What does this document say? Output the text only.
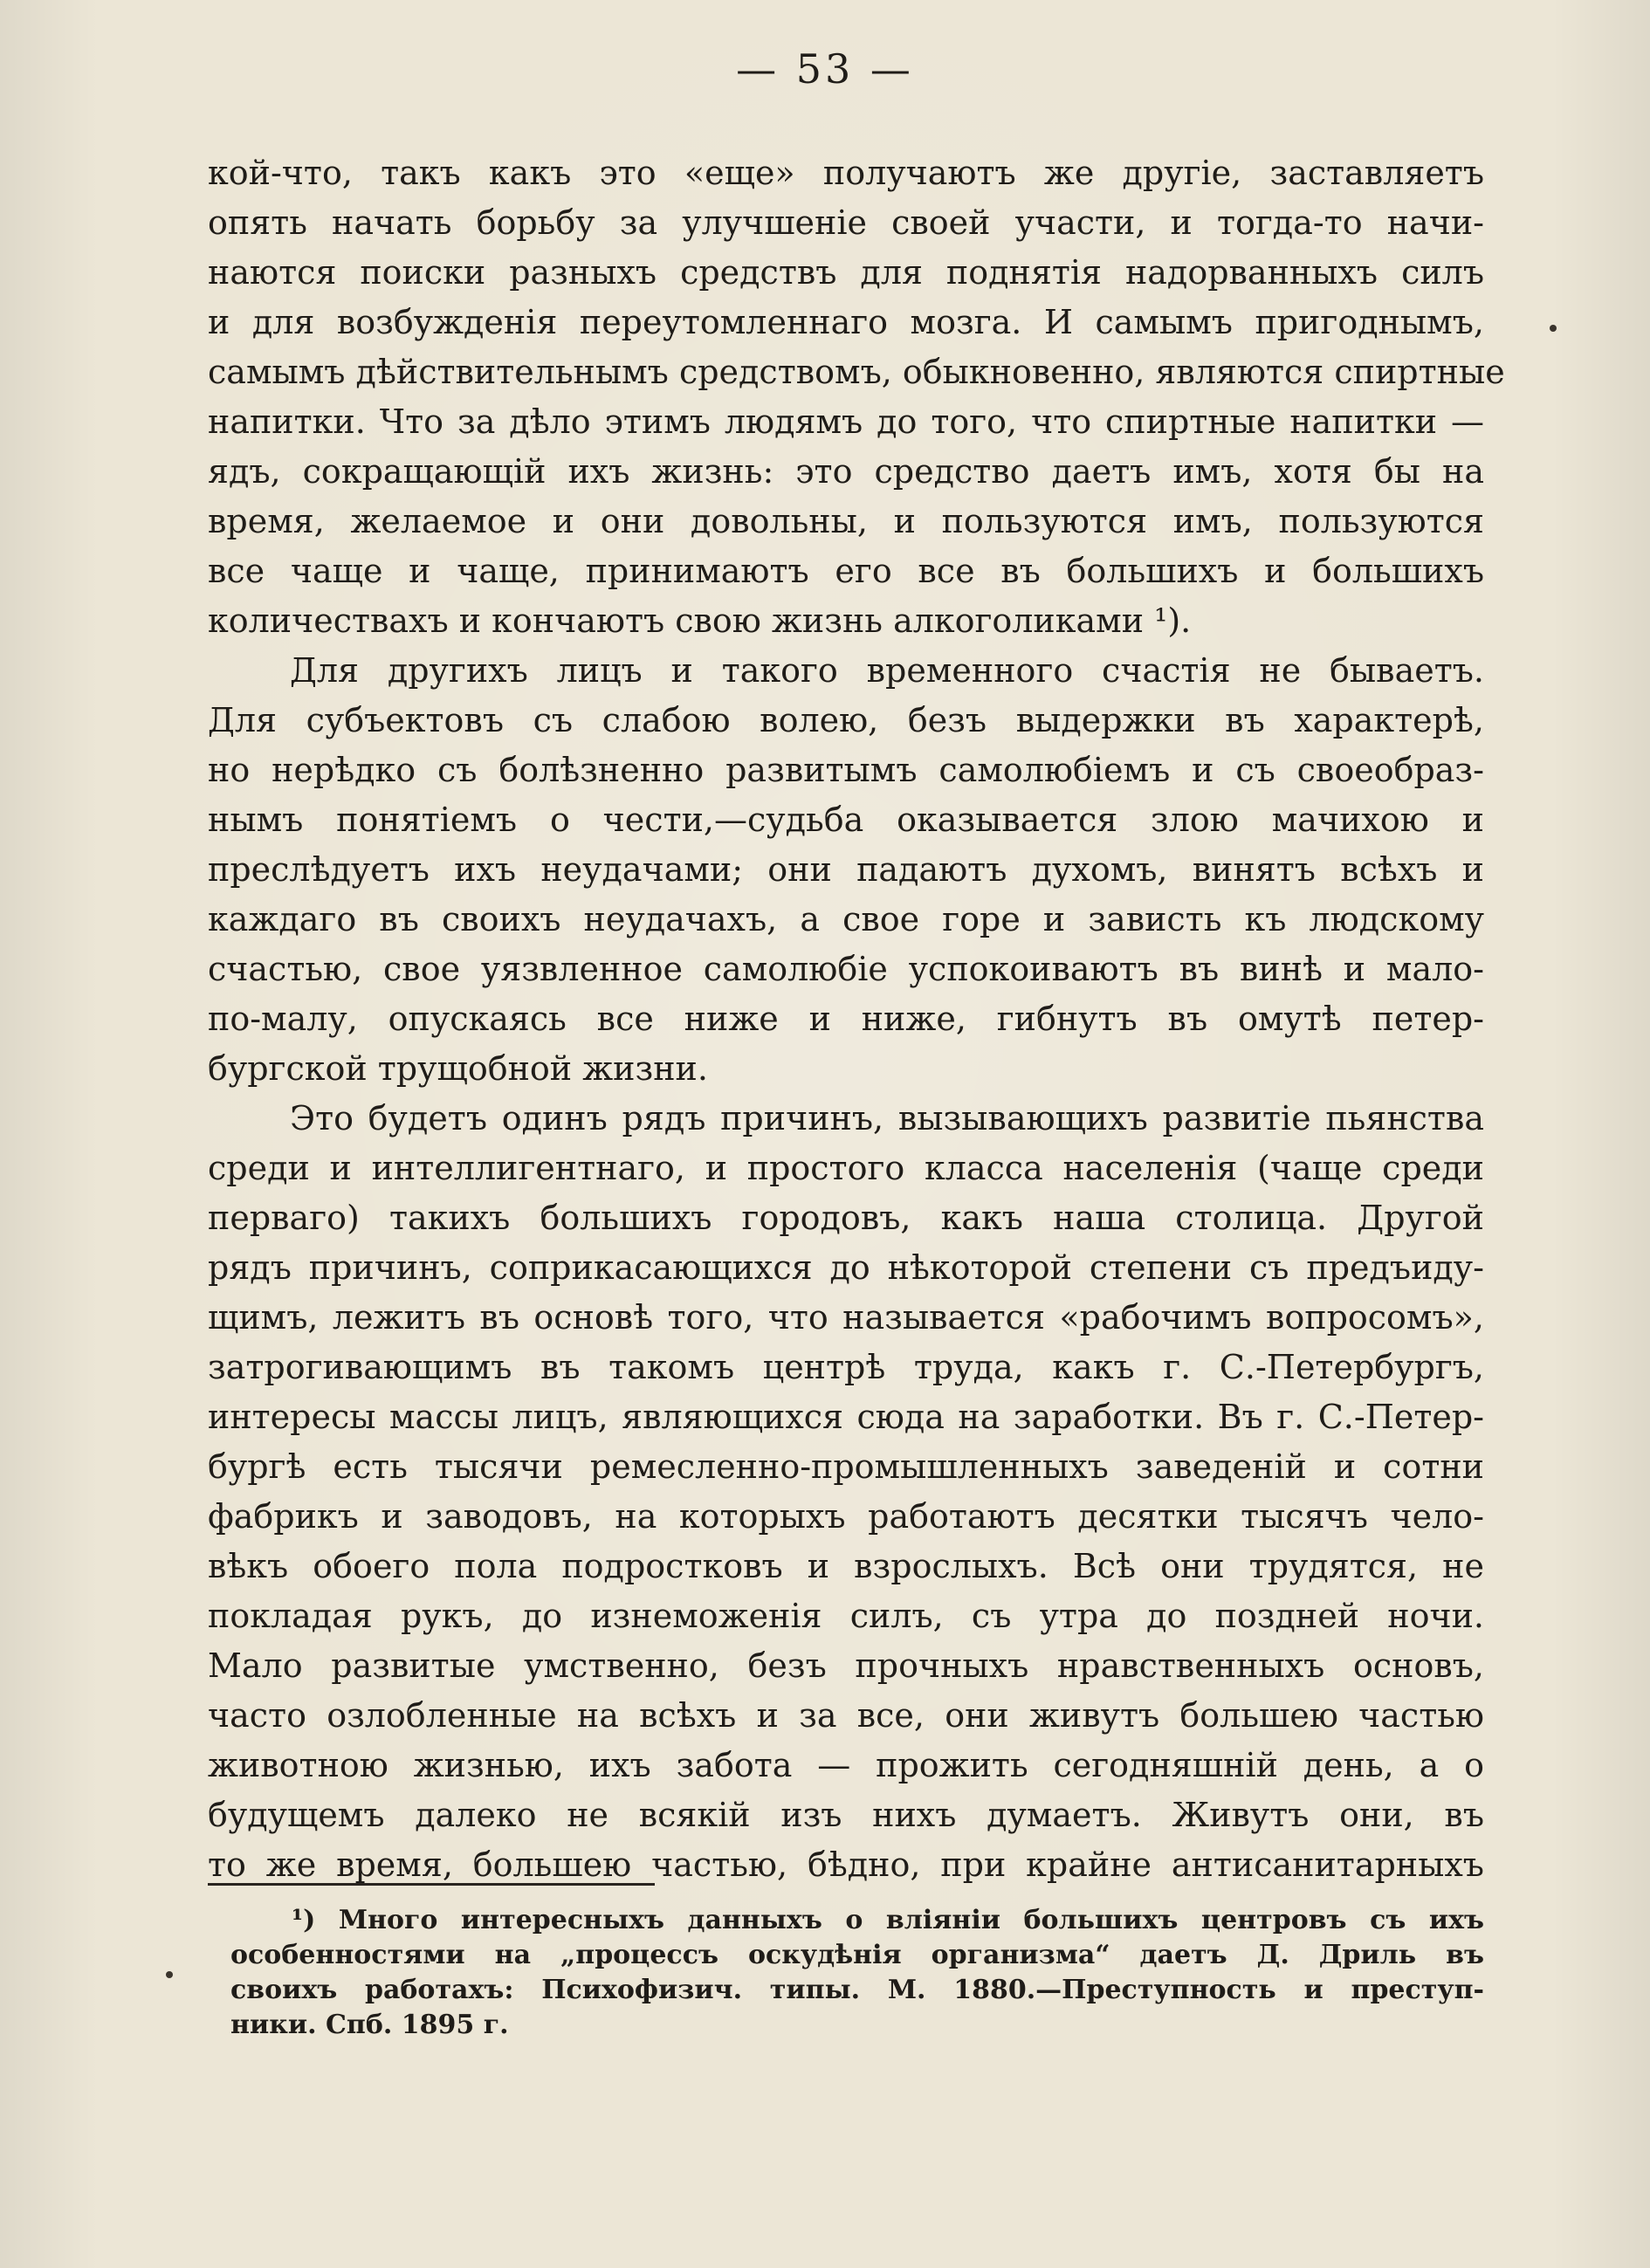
— 53 —
кой-что, такъ какъ это «еще» получаютъ же другіе, заставляетъ
опять начать борьбу за улучшеніе своей участи, и тогда-то начи-
наются поиски разныхъ средствъ для поднятія надорванныхъ силъ
и для возбужденія переутомленнаго мозга. И самымъ пригоднымъ,
самымъ дѣйствительнымъ средствомъ, обыкновенно, являются спиртные
напитки. Что за дѣло этимъ людямъ до того, что спиртные напитки —
ядъ, сокращающій ихъ жизнь: это средство даетъ имъ, хотя бы на
время, желаемое и они довольны, и пользуются имъ, пользуются
все чаще и чаще, принимаютъ его все въ большихъ и большихъ
количествахъ и кончаютъ свою жизнь алкоголиками ¹).
Для другихъ лицъ и такого временного счастія не бываетъ.
Для субъектовъ съ слабою волею, безъ выдержки въ характерѣ,
но нерѣдко съ болѣзненно развитымъ самолюбіемъ и съ своеобраз-
нымъ понятіемъ о чести,—судьба оказывается злою мачихою и
преслѣдуетъ ихъ неудачами; они падаютъ духомъ, винятъ всѣхъ и
каждаго въ своихъ неудачахъ, а свое горе и зависть къ людскому
счастью, свое уязвленное самолюбіе успокоиваютъ въ винѣ и мало-
по-малу, опускаясь все ниже и ниже, гибнутъ въ омутѣ петер-
бургской трущобной жизни.
Это будетъ одинъ рядъ причинъ, вызывающихъ развитіе пьянства
среди и интеллигентнаго, и простого класса населенія (чаще среди
перваго) такихъ большихъ городовъ, какъ наша столица. Другой
рядъ причинъ, соприкасающихся до нѣкоторой степени съ предъиду-
щимъ, лежитъ въ основѣ того, что называется «рабочимъ вопросомъ»,
затрогивающимъ въ такомъ центрѣ труда, какъ г. С.-Петербургъ,
интересы массы лицъ, являющихся сюда на заработки. Въ г. С.-Петер-
бургѣ есть тысячи ремесленно-промышленныхъ заведеній и сотни
фабрикъ и заводовъ, на которыхъ работаютъ десятки тысячъ чело-
вѣкъ обоего пола подростковъ и взрослыхъ. Всѣ они трудятся, не
покладая рукъ, до изнеможенія силъ, съ утра до поздней ночи.
Мало развитые умственно, безъ прочныхъ нравственныхъ основъ,
часто озлобленные на всѣхъ и за все, они живутъ большею частью
животною жизнью, ихъ забота — прожить сегодняшній день, а о
будущемъ далеко не всякій изъ нихъ думаетъ. Живутъ они, въ
то же время, большею частью, бѣдно, при крайне антисанитарныхъ
¹) Много интересныхъ данныхъ о вліяніи большихъ центровъ съ ихъ
особенностями на „процессъ оскудѣнія организма“ даетъ Д. Дриль въ
своихъ работахъ: Психофизич. типы. М. 1880.—Преступность и преступ-
ники. Спб. 1895 г.
